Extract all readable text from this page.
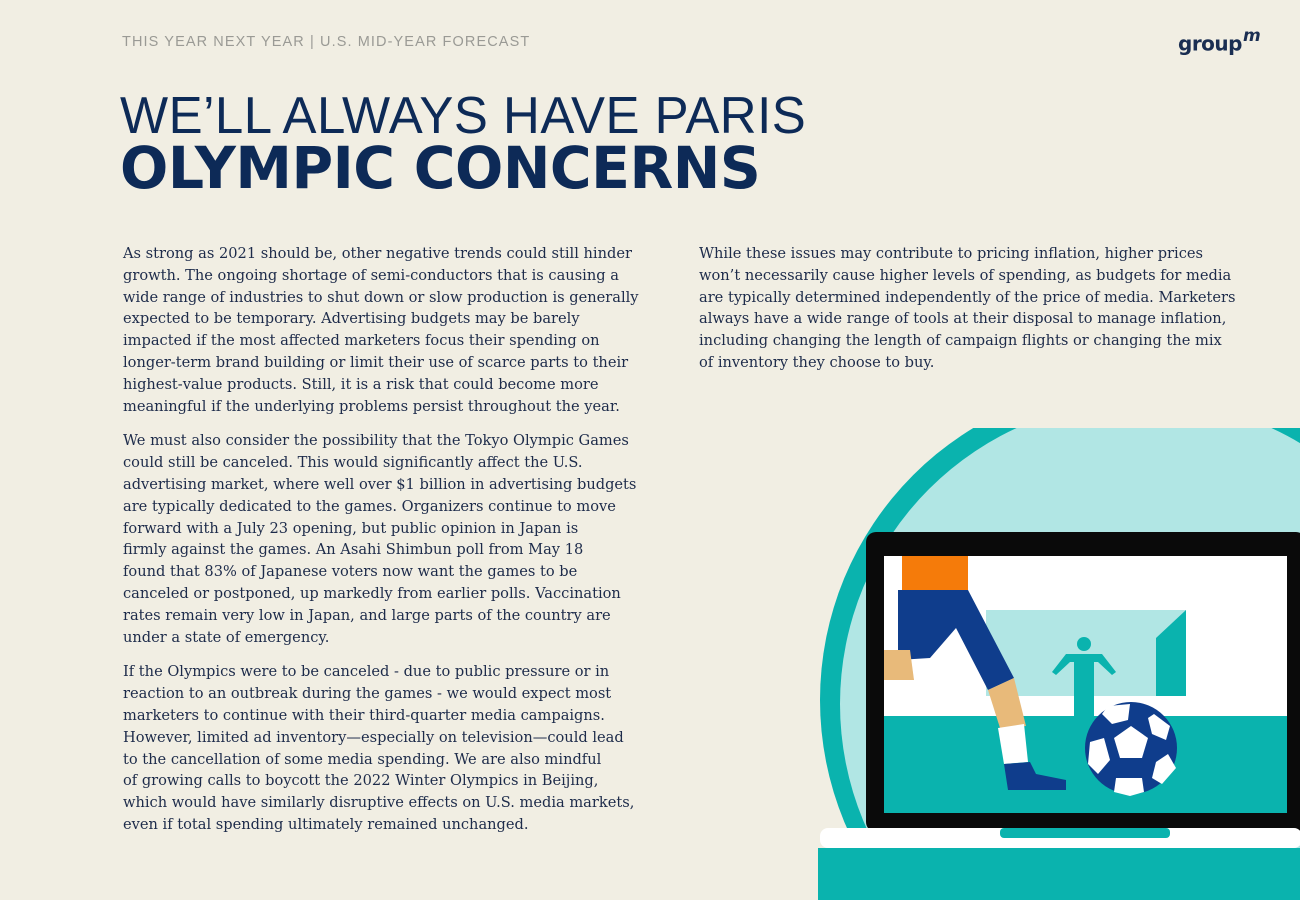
THIS YEAR NEXT YEAR | U.S. MID-YEAR FORECAST	group$^m$
WE’LL ALWAYS HAVE PARIS
OLYMPIC CONCERNS

As strong as 2021 should be, other negative trends could still hinder
growth. The ongoing shortage of semi-conductors that is causing a
wide range of industries to shut down or slow production is generally
expected to be temporary. Advertising budgets may be barely
impacted if the most affected marketers focus their spending on
longer-term brand building or limit their use of scarce parts to their
highest-value products. Still, it is a risk that could become more
meaningful if the underlying problems persist throughout the year.

We must also consider the possibility that the Tokyo Olympic Games
could still be canceled. This would significantly affect the U.S.
advertising market, where well over $1 billion in advertising budgets
are typically dedicated to the games. Organizers continue to move
forward with a July 23 opening, but public opinion in Japan is
firmly against the games. An Asahi Shimbun poll from May 18
found that 83% of Japanese voters now want the games to be
canceled or postponed, up markedly from earlier polls. Vaccination
rates remain very low in Japan, and large parts of the country are
under a state of emergency.

If the Olympics were to be canceled - due to public pressure or in
reaction to an outbreak during the games - we would expect most
marketers to continue with their third-quarter media campaigns.
However, limited ad inventory—especially on television—could lead
to the cancellation of some media spending. We are also mindful
of growing calls to boycott the 2022 Winter Olympics in Beijing,
which would have similarly disruptive effects on U.S. media markets,
even if total spending ultimately remained unchanged.

While these issues may contribute to pricing inflation, higher prices
won’t necessarily cause higher levels of spending, as budgets for media
are typically determined independently of the price of media. Marketers
always have a wide range of tools at their disposal to manage inflation,
including changing the length of campaign flights or changing the mix
of inventory they choose to buy.
